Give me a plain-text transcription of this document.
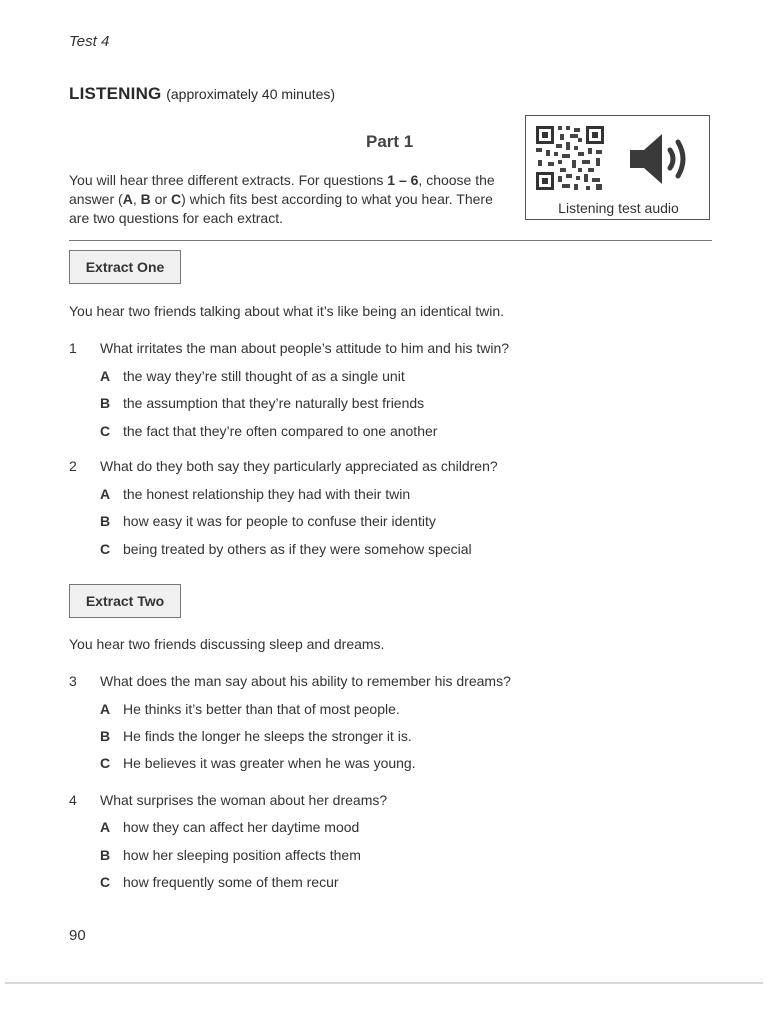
Test 4
LISTENING (approximately 40 minutes)
Part 1
You will hear three different extracts. For questions 1 – 6, choose the answer (A, B or C) which fits best according to what you hear. There are two questions for each extract.
Listening test audio
Extract One
You hear two friends talking about what it’s like being an identical twin.
1 What irritates the man about people’s attitude to him and his twin?
A the way they’re still thought of as a single unit
B the assumption that they’re naturally best friends
C the fact that they’re often compared to one another
2 What do they both say they particularly appreciated as children?
A the honest relationship they had with their twin
B how easy it was for people to confuse their identity
C being treated by others as if they were somehow special
Extract Two
You hear two friends discussing sleep and dreams.
3 What does the man say about his ability to remember his dreams?
A He thinks it’s better than that of most people.
B He finds the longer he sleeps the stronger it is.
C He believes it was greater when he was young.
4 What surprises the woman about her dreams?
A how they can affect her daytime mood
B how her sleeping position affects them
C how frequently some of them recur
90
